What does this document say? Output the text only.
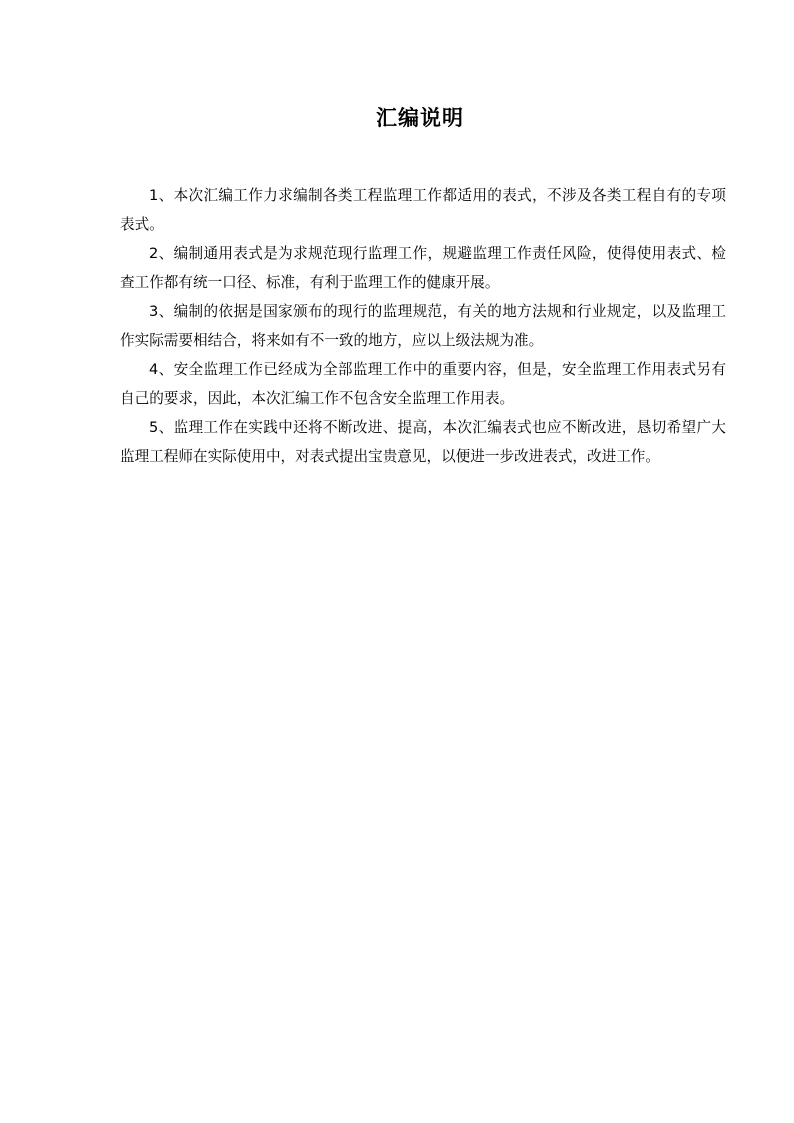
汇编说明

1、本次汇编工作力求编制各类工程监理工作都适用的表式，不涉及各类工程自有的专项表式。

2、编制通用表式是为求规范现行监理工作，规避监理工作责任风险，使得使用表式、检查工作都有统一口径、标准，有利于监理工作的健康开展。

3、编制的依据是国家颁布的现行的监理规范，有关的地方法规和行业规定，以及监理工作实际需要相结合，将来如有不一致的地方，应以上级法规为准。

4、安全监理工作已经成为全部监理工作中的重要内容，但是，安全监理工作用表式另有自己的要求，因此，本次汇编工作不包含安全监理工作用表。

5、监理工作在实践中还将不断改进、提高，本次汇编表式也应不断改进，恳切希望广大监理工程师在实际使用中，对表式提出宝贵意见，以便进一步改进表式，改进工作。
